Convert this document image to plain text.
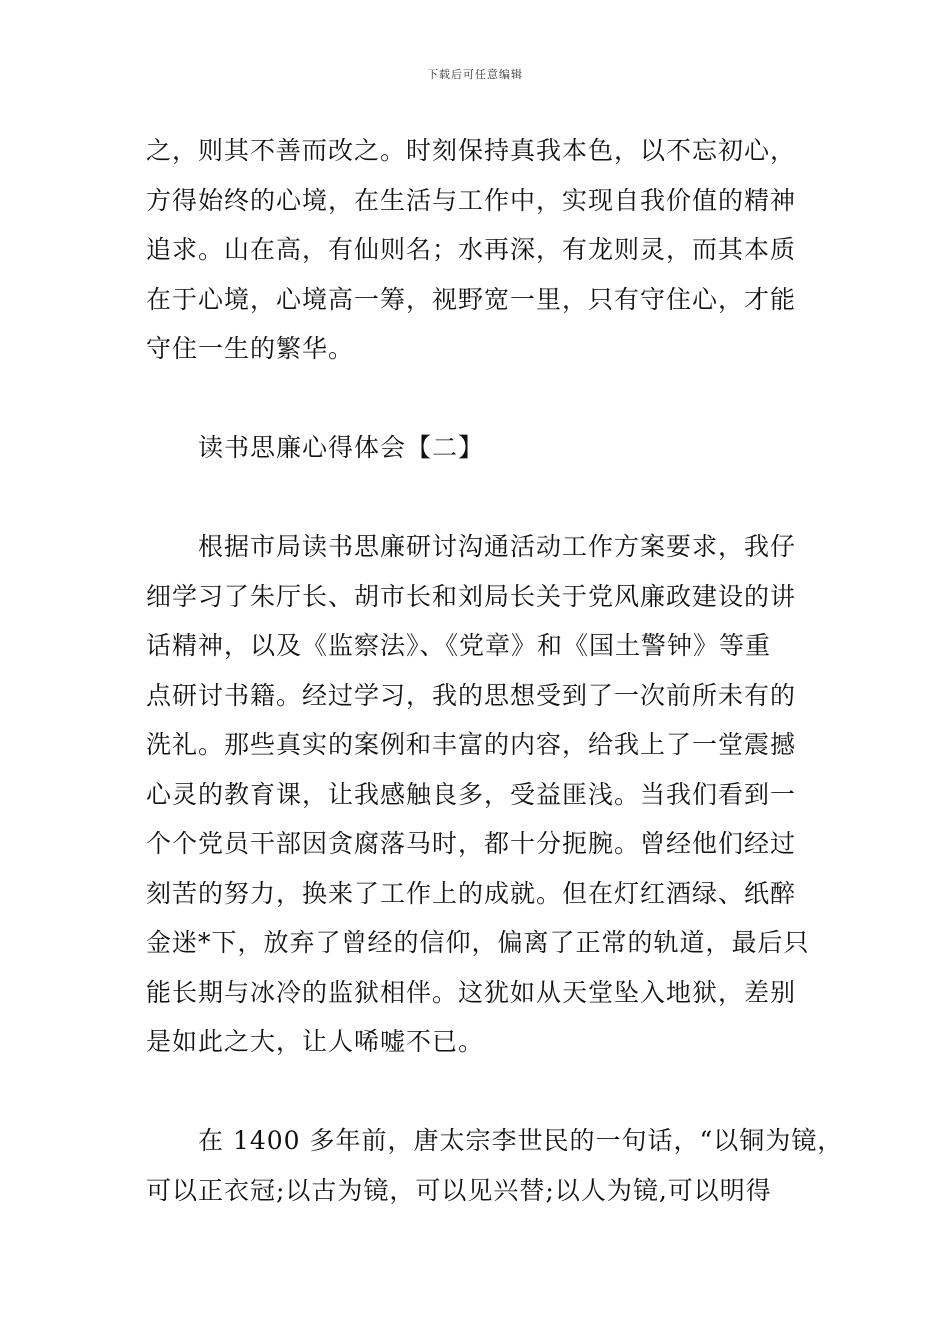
下载后可任意编辑
之，则其不善而改之。时刻保持真我本色，以不忘初心，
方得始终的心境，在生活与工作中，实现自我价值的精神
追求。山在高，有仙则名；水再深，有龙则灵，而其本质
在于心境，心境高一筹，视野宽一里，只有守住心，才能
守住一生的繁华。
读书思廉心得体会【二】
根据市局读书思廉研讨沟通活动工作方案要求，我仔
细学习了朱厅长、胡市长和刘局长关于党风廉政建设的讲
话精神，以及《监察法》、《党章》和《国土警钟》等重
点研讨书籍。经过学习，我的思想受到了一次前所未有的
洗礼。那些真实的案例和丰富的内容，给我上了一堂震撼
心灵的教育课，让我感触良多，受益匪浅。当我们看到一
个个党员干部因贪腐落马时，都十分扼腕。曾经他们经过
刻苦的努力，换来了工作上的成就。但在灯红酒绿、纸醉
金迷*下，放弃了曾经的信仰，偏离了正常的轨道，最后只
能长期与冰冷的监狱相伴。这犹如从天堂坠入地狱，差别
是如此之大，让人唏嘘不已。
在 1400 多年前，唐太宗李世民的一句话，“以铜为镜，
可以正衣冠;以古为镜，可以见兴替;以人为镜,可以明得
